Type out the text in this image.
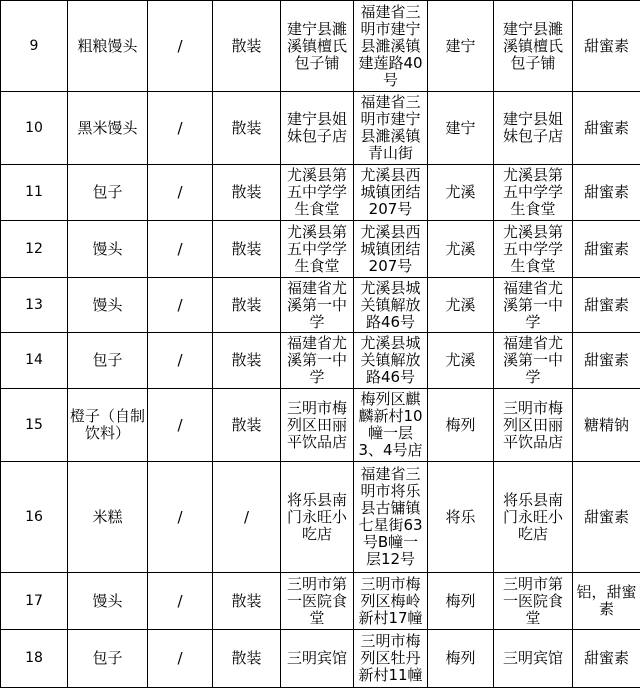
9	粗粮馒头	/	散装	建宁县濉溪镇檀氏包子铺	福建省三明市建宁县濉溪镇建莲路40号	建宁	建宁县濉溪镇檀氏包子铺	甜蜜素
10	黑米馒头	/	散装	建宁县姐妹包子店	福建省三明市建宁县濉溪镇青山街	建宁	建宁县姐妹包子店	甜蜜素
11	包子	/	散装	尤溪县第五中学学生食堂	尤溪县西城镇团结207号	尤溪	尤溪县第五中学学生食堂	甜蜜素
12	馒头	/	散装	尤溪县第五中学学生食堂	尤溪县西城镇团结207号	尤溪	尤溪县第五中学学生食堂	甜蜜素
13	馒头	/	散装	福建省尤溪第一中学	尤溪县城关镇解放路46号	尤溪	福建省尤溪第一中学	甜蜜素
14	包子	/	散装	福建省尤溪第一中学	尤溪县城关镇解放路46号	尤溪	福建省尤溪第一中学	甜蜜素
15	橙子（自制饮料）	/	散装	三明市梅列区田丽平饮品店	梅列区麒麟新村10幢一层3、4号店	梅列	三明市梅列区田丽平饮品店	糖精钠
16	米糕	/	/	将乐县南门永旺小吃店	福建省三明市将乐县古镛镇七星街63号B幢一层12号	将乐	将乐县南门永旺小吃店	甜蜜素
17	馒头	/	散装	三明市第一医院食堂	三明市梅列区梅岭新村17幢	梅列	三明市第一医院食堂	铝，甜蜜素
18	包子	/	散装	三明宾馆	三明市梅列区牡丹新村11幢	梅列	三明宾馆	甜蜜素
